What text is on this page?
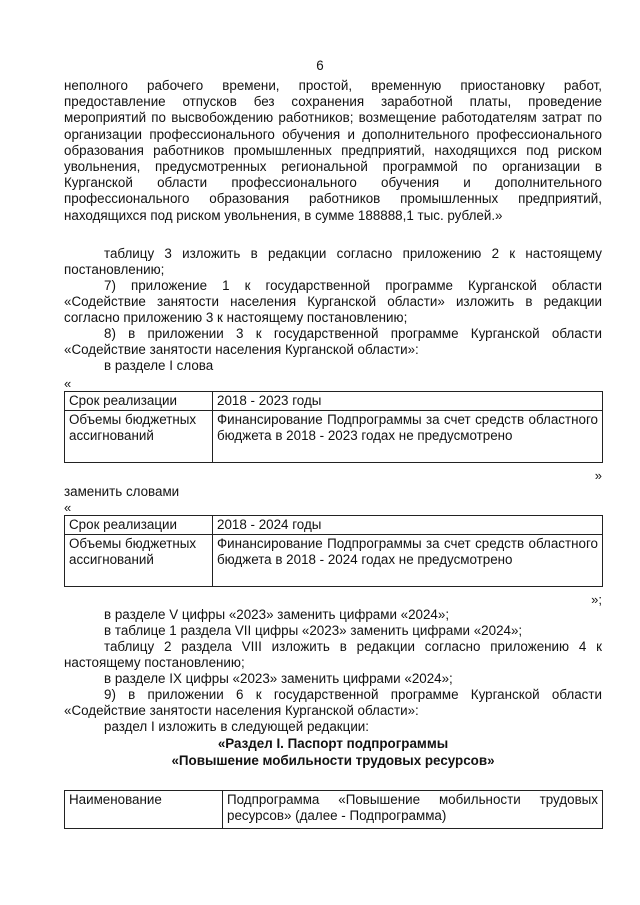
6
неполного рабочего времени, простой, временную приостановку работ, предоставление отпусков без сохранения заработной платы, проведение мероприятий по высвобождению работников; возмещение работодателям затрат по организации профессионального обучения и дополнительного профессионального образования работников промышленных предприятий, находящихся под риском увольнения, предусмотренных региональной программой по организации в Курганской области профессионального обучения и дополнительного профессионального образования работников промышленных предприятий, находящихся под риском увольнения, в сумме 188888,1 тыс. рублей.»
таблицу 3 изложить в редакции согласно приложению 2 к настоящему постановлению;
7) приложение 1 к государственной программе Курганской области «Содействие занятости населения Курганской области» изложить в редакции согласно приложению 3 к настоящему постановлению;
8) в приложении 3 к государственной программе Курганской области «Содействие занятости населения Курганской области»:
в разделе I слова
«
Срок реализации	2018 - 2023 годы
Объемы бюджетных ассигнований	Финансирование Подпрограммы за счет средств областного бюджета в 2018 - 2023 годах не предусмотрено
»
заменить словами
«
Срок реализации	2018 - 2024 годы
Объемы бюджетных ассигнований	Финансирование Подпрограммы за счет средств областного бюджета в 2018 - 2024 годах не предусмотрено
»;
в разделе V цифры «2023» заменить цифрами «2024»;
в таблице 1 раздела VII цифры «2023» заменить цифрами «2024»;
таблицу 2 раздела VIII изложить в редакции согласно приложению 4 к настоящему постановлению;
в разделе IX цифры «2023» заменить цифрами «2024»;
9) в приложении 6 к государственной программе Курганской области «Содействие занятости населения Курганской области»:
раздел I изложить в следующей редакции:
«Раздел I. Паспорт подпрограммы
«Повышение мобильности трудовых ресурсов»
Наименование	Подпрограмма «Повышение мобильности трудовых ресурсов» (далее - Подпрограмма)
